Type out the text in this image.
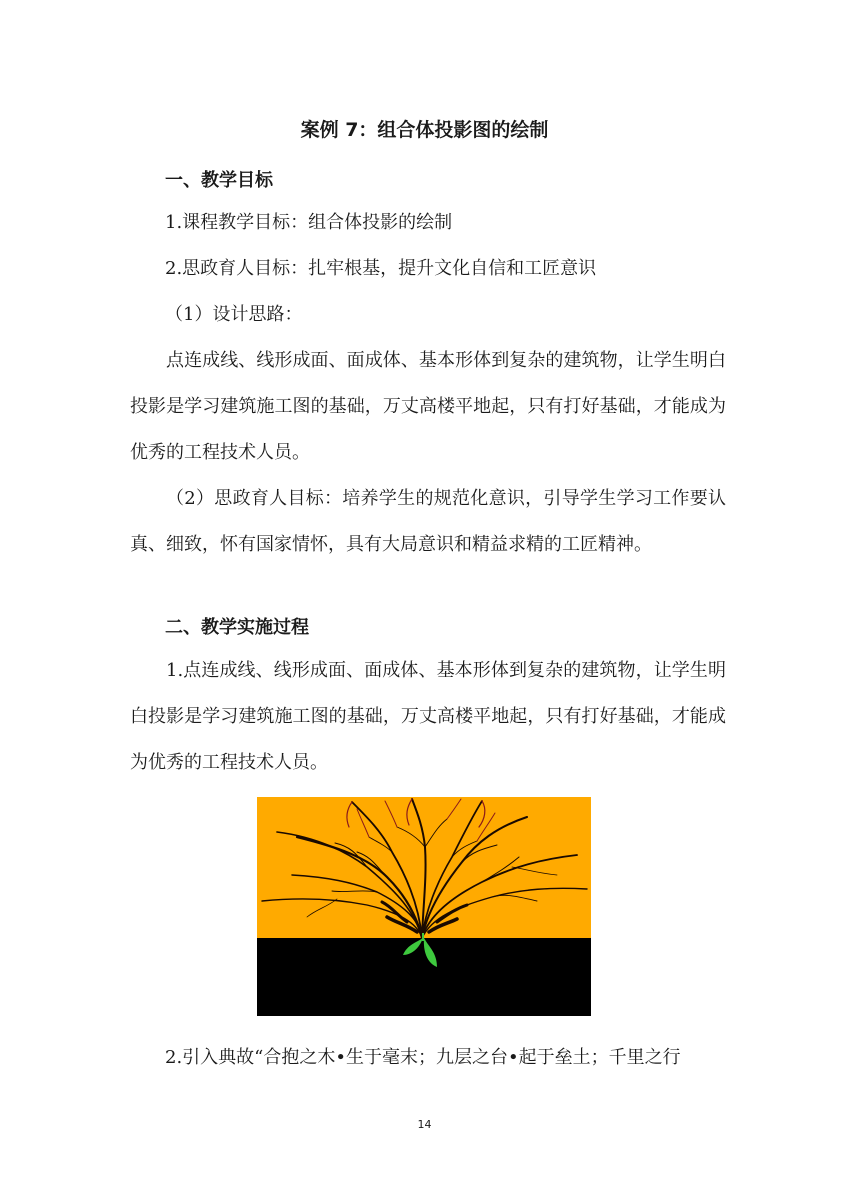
案例 7：组合体投影图的绘制
一、教学目标

1.课程教学目标：组合体投影的绘制

2.思政育人目标：扎牢根基，提升文化自信和工匠意识

（1）设计思路：

点连成线、线形成面、面成体、基本形体到复杂的建筑物，让学生明白投影是学习建筑施工图的基础，万丈高楼平地起，只有打好基础，才能成为优秀的工程技术人员。

（2）思政育人目标：培养学生的规范化意识，引导学生学习工作要认真、细致，怀有国家情怀，具有大局意识和精益求精的工匠精神。

二、教学实施过程

1.点连成线、线形成面、面成体、基本形体到复杂的建筑物，让学生明白投影是学习建筑施工图的基础，万丈高楼平地起，只有打好基础，才能成为优秀的工程技术人员。

2.引入典故“合抱之木•生于毫末；九层之台•起于垒土；千里之行

14
